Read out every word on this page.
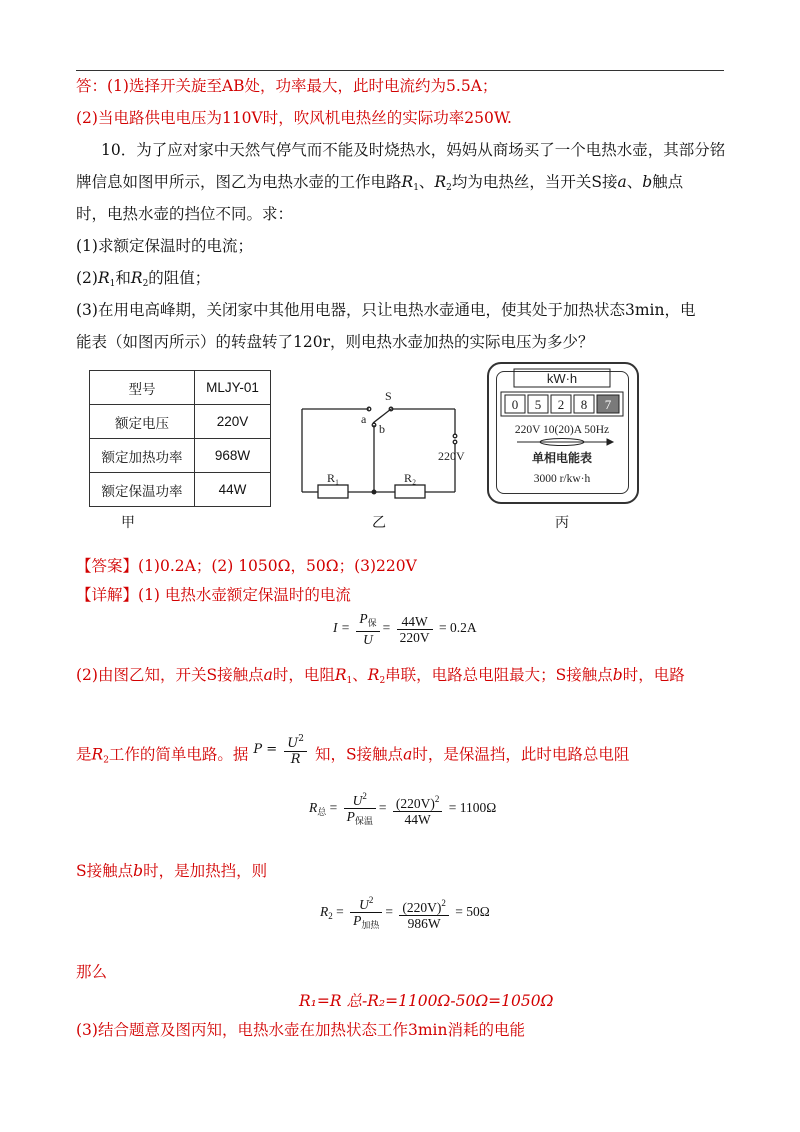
答：(1)选择开关旋至AB处，功率最大，此时电流约为5.5A；
(2)当电路供电电压为110V时，吹风机电热丝的实际功率250W.
10．为了应对家中天然气停气而不能及时烧热水，妈妈从商场买了一个电热水壶，其部分铭
牌信息如图甲所示，图乙为电热水壶的工作电路$R_1$、$R_2$均为电热丝，当开关S接a、b触点
时，电热水壶的挡位不同。求：
(1)求额定保温时的电流；
$(2)R_1$和$R_2$的阻值；
(3)在用电高峰期，关闭家中其他用电器，只让电热水壶通电，使其处于加热状态3min，电
能表（如图丙所示）的转盘转了120r，则电热水壶加热的实际电压为多少？
型号	MLJY-01
额定电压	220V
额定加热功率	968W
额定保温功率	44W
甲
S
a
b
220V
R₁	R₂
乙
kW·h
0 5 2 8 7
220V 10(20)A 50Hz
单相电能表
3000 r/kw·h
丙
【答案】(1)0.2A；(2) 1050Ω，50Ω；(3)220V
【详解】(1) 电热水壶额定保温时的电流
$I = \frac{P_保}{U} = \frac{44W}{220V} = 0.2A$
(2)由图乙知，开关S接触点a时，电阻$R_1$、$R_2$串联，电路总电阻最大；S接触点b时，电路
是$R_2$工作的简单电路。据 $P = \frac{U^2}{R}$ 知，S接触点a时，是保温挡，此时电路总电阻
$R_总 = \frac{U^2}{P_{保温}} = \frac{(220V)^2}{44W} = 1100\Omega$
S接触点b时，是加热挡，则
$R_2 = \frac{U^2}{P_{加热}} = \frac{(220V)^2}{986W} = 50\Omega$
那么
R₁=R 总-R₂=1100Ω-50Ω=1050Ω
(3)结合题意及图丙知，电热水壶在加热状态工作3min消耗的电能
